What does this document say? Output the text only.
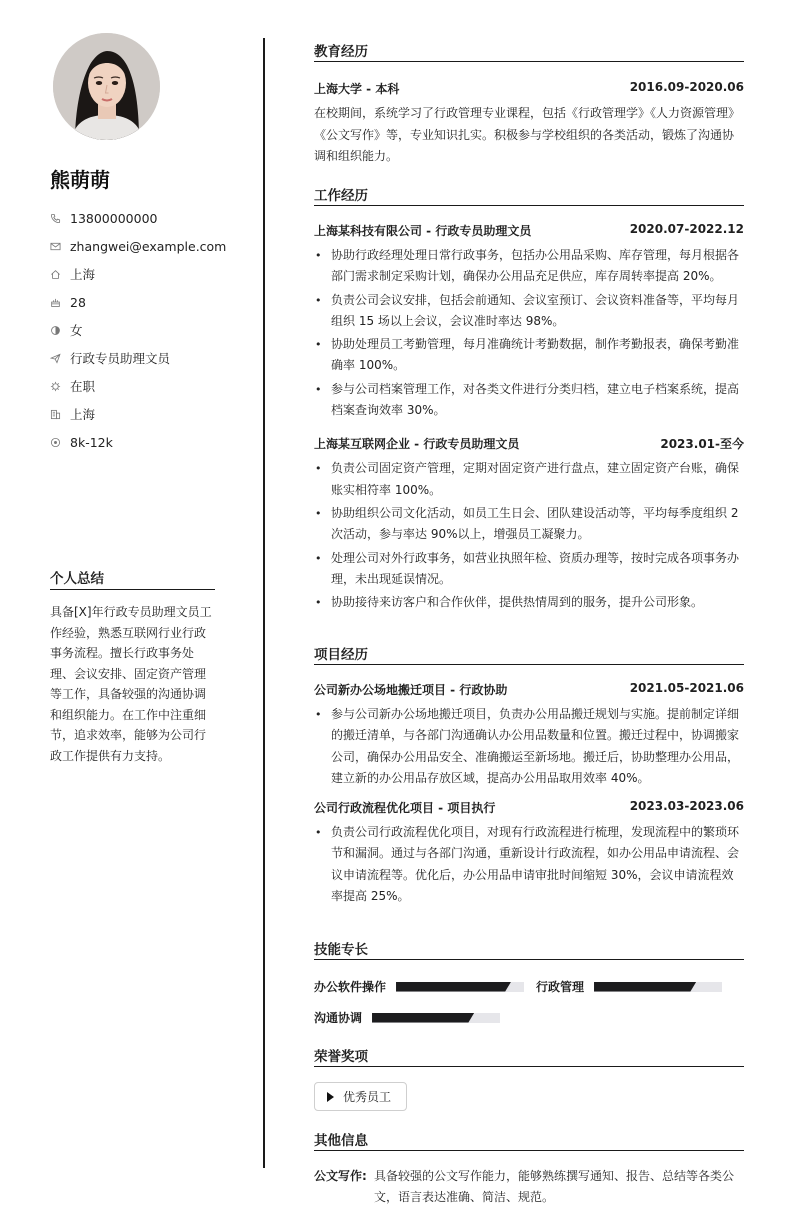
熊萌萌
13800000000
zhangwei@example.com
上海
28
女
行政专员助理文员
在职
上海
8k-12k
个人总结
具备[X]年行政专员助理文员工作经验，熟悉互联网行业行政事务流程。擅长行政事务处理、会议安排、固定资产管理等工作，具备较强的沟通协调和组织能力。在工作中注重细节，追求效率，能够为公司行政工作提供有力支持。
教育经历
上海大学 - 本科	2016.09-2020.06
在校期间，系统学习了行政管理专业课程，包括《行政管理学》《人力资源管理》《公文写作》等，专业知识扎实。积极参与学校组织的各类活动，锻炼了沟通协调和组织能力。
工作经历
上海某科技有限公司 - 行政专员助理文员	2020.07-2022.12
• 协助行政经理处理日常行政事务，包括办公用品采购、库存管理，每月根据各部门需求制定采购计划，确保办公用品充足供应，库存周转率提高 20%。
• 负责公司会议安排，包括会前通知、会议室预订、会议资料准备等，平均每月组织 15 场以上会议，会议准时率达 98%。
• 协助处理员工考勤管理，每月准确统计考勤数据，制作考勤报表，确保考勤准确率 100%。
• 参与公司档案管理工作，对各类文件进行分类归档，建立电子档案系统，提高档案查询效率 30%。
上海某互联网企业 - 行政专员助理文员	2023.01-至今
• 负责公司固定资产管理，定期对固定资产进行盘点，建立固定资产台账，确保账实相符率 100%。
• 协助组织公司文化活动，如员工生日会、团队建设活动等，平均每季度组织 2 次活动，参与率达 90%以上，增强员工凝聚力。
• 处理公司对外行政事务，如营业执照年检、资质办理等，按时完成各项事务办理，未出现延误情况。
• 协助接待来访客户和合作伙伴，提供热情周到的服务，提升公司形象。
项目经历
公司新办公场地搬迁项目 - 行政协助	2021.05-2021.06
• 参与公司新办公场地搬迁项目，负责办公用品搬迁规划与实施。提前制定详细的搬迁清单，与各部门沟通确认办公用品数量和位置。搬迁过程中，协调搬家公司，确保办公用品安全、准确搬运至新场地。搬迁后，协助整理办公用品，建立新的办公用品存放区域，提高办公用品取用效率 40%。
公司行政流程优化项目 - 项目执行	2023.03-2023.06
• 负责公司行政流程优化项目，对现有行政流程进行梳理，发现流程中的繁琐环节和漏洞。通过与各部门沟通，重新设计行政流程，如办公用品申请流程、会议申请流程等。优化后，办公用品申请审批时间缩短 30%，会议申请流程效率提高 25%。
技能专长
办公软件操作	行政管理
沟通协调
荣誉奖项
优秀员工
其他信息
公文写作: 具备较强的公文写作能力，能够熟练撰写通知、报告、总结等各类公文，语言表达准确、简洁、规范。
